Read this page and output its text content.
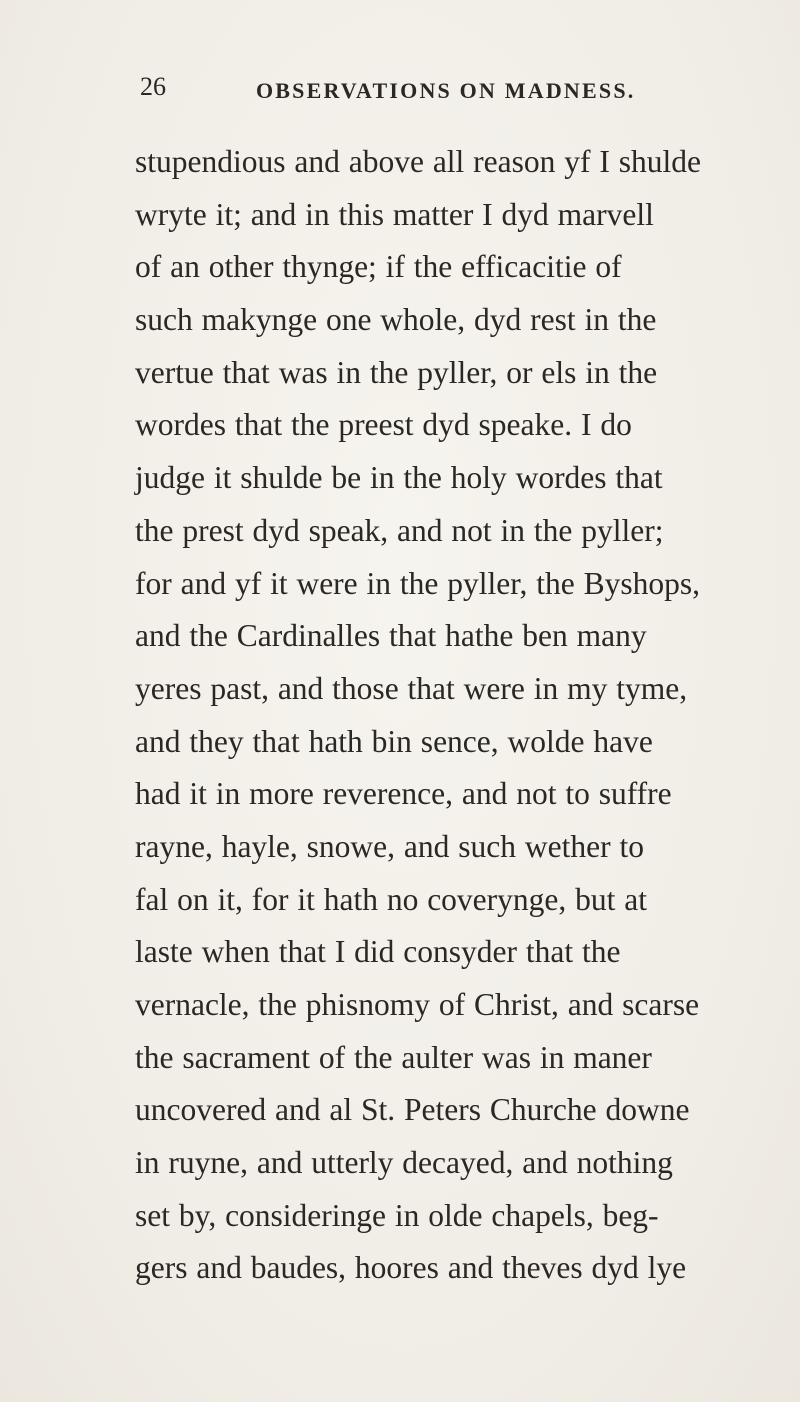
26	OBSERVATIONS ON MADNESS.
stupendious and above all reason yf I shulde
wryte it; and in this matter I dyd marvell
of an other thynge; if the efficacitie of
such makynge one whole, dyd rest in the
vertue that was in the pyller, or els in the
wordes that the preest dyd speake. I do
judge it shulde be in the holy wordes that
the prest dyd speak, and not in the pyller;
for and yf it were in the pyller, the Byshops,
and the Cardinalles that hathe ben many
yeres past, and those that were in my tyme,
and they that hath bin sence, wolde have
had it in more reverence, and not to suffre
rayne, hayle, snowe, and such wether to
fal on it, for it hath no coverynge, but at
laste when that I did consyder that the
vernacle, the phisnomy of Christ, and scarse
the sacrament of the aulter was in maner
uncovered and al St. Peters Churche downe
in ruyne, and utterly decayed, and nothing
set by, consideringe in olde chapels, beg-
gers and baudes, hoores and theves dyd lye
